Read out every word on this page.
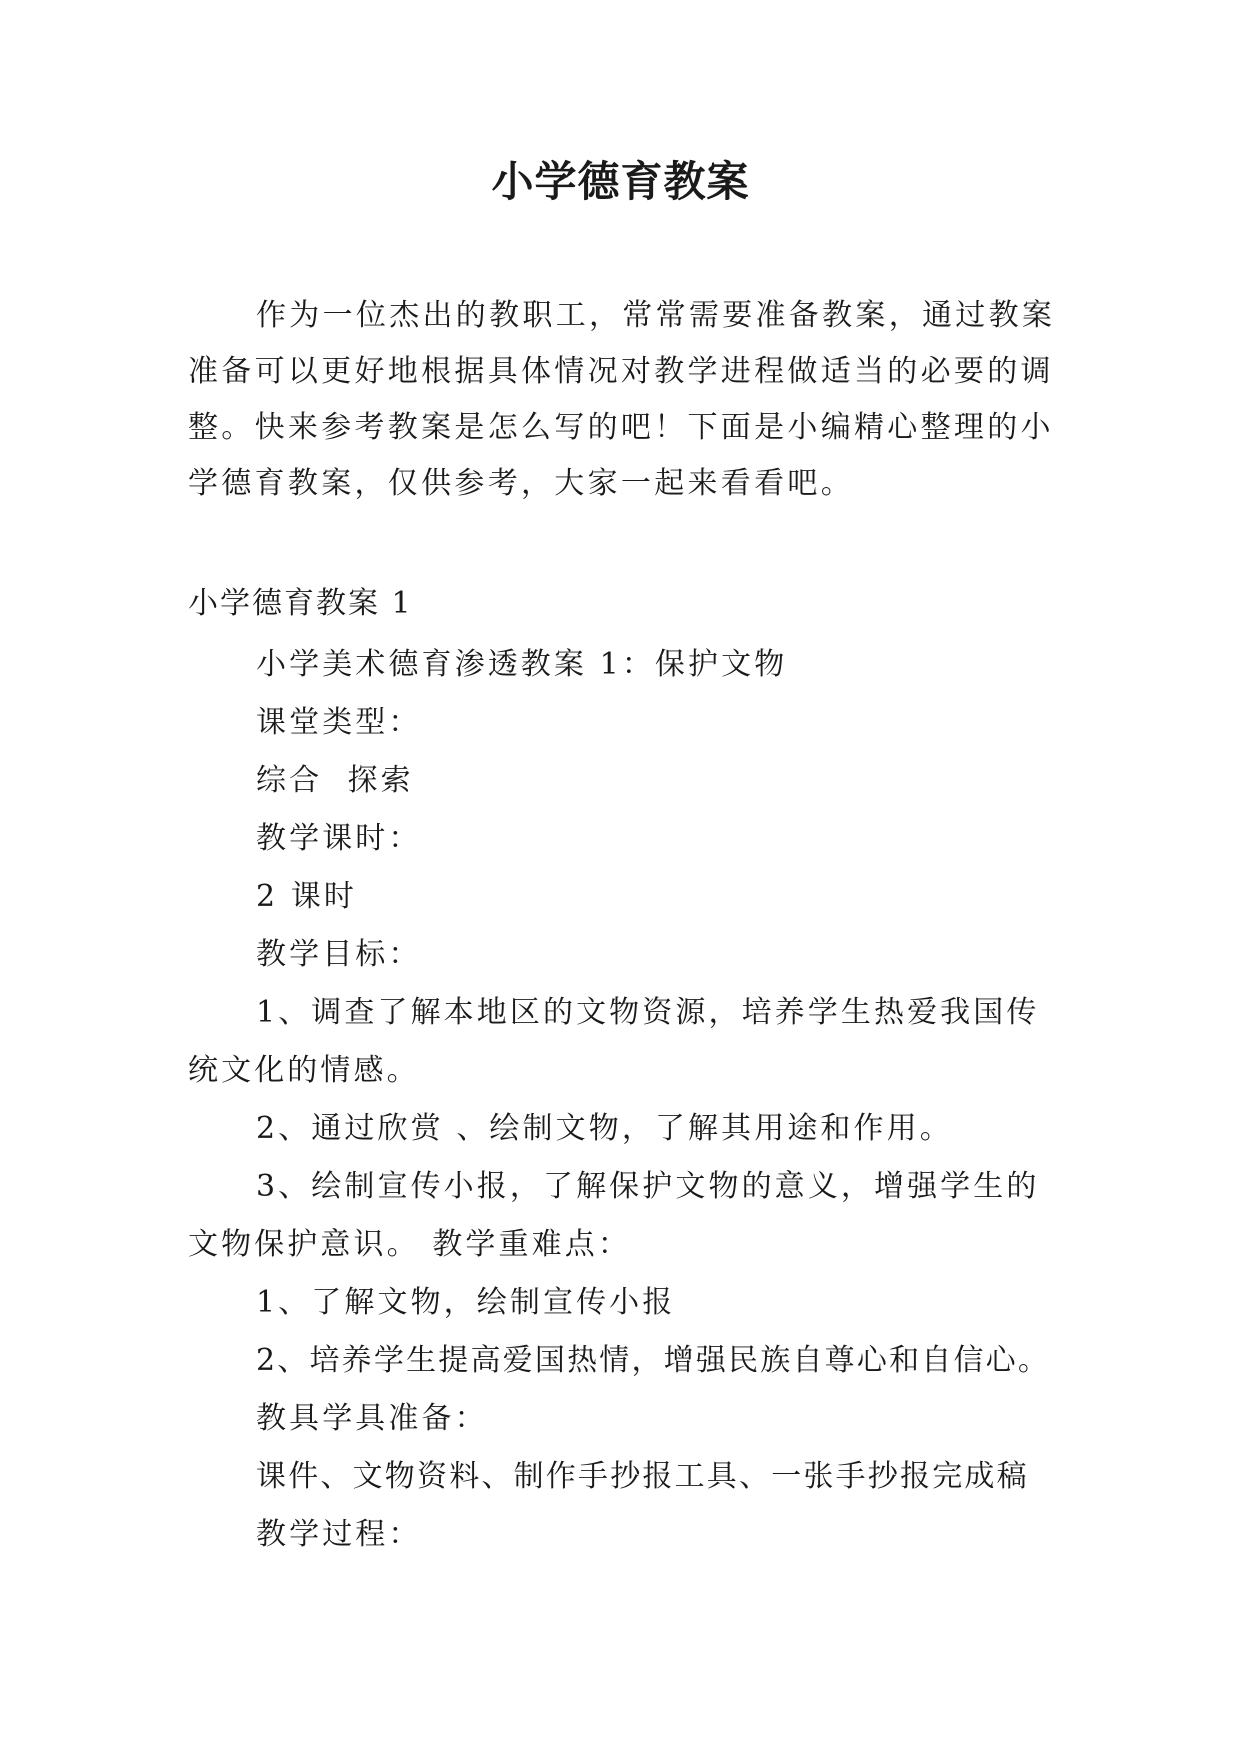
小学德育教案

作为一位杰出的教职工，常常需要准备教案，通过教案准备可以更好地根据具体情况对教学进程做适当的必要的调整。快来参考教案是怎么写的吧！下面是小编精心整理的小学德育教案，仅供参考，大家一起来看看吧。

小学德育教案 1

小学美术德育渗透教案 1：保护文物

课堂类型：

综合  探索

教学课时：

2 课时

教学目标：

1、调查了解本地区的文物资源，培养学生热爱我国传统文化的情感。

2、通过欣赏 、绘制文物，了解其用途和作用。

3、绘制宣传小报，了解保护文物的意义，增强学生的文物保护意识。 教学重难点：

1、了解文物，绘制宣传小报

2、培养学生提高爱国热情，增强民族自尊心和自信心。

教具学具准备：

课件、文物资料、制作手抄报工具、一张手抄报完成稿

教学过程：
